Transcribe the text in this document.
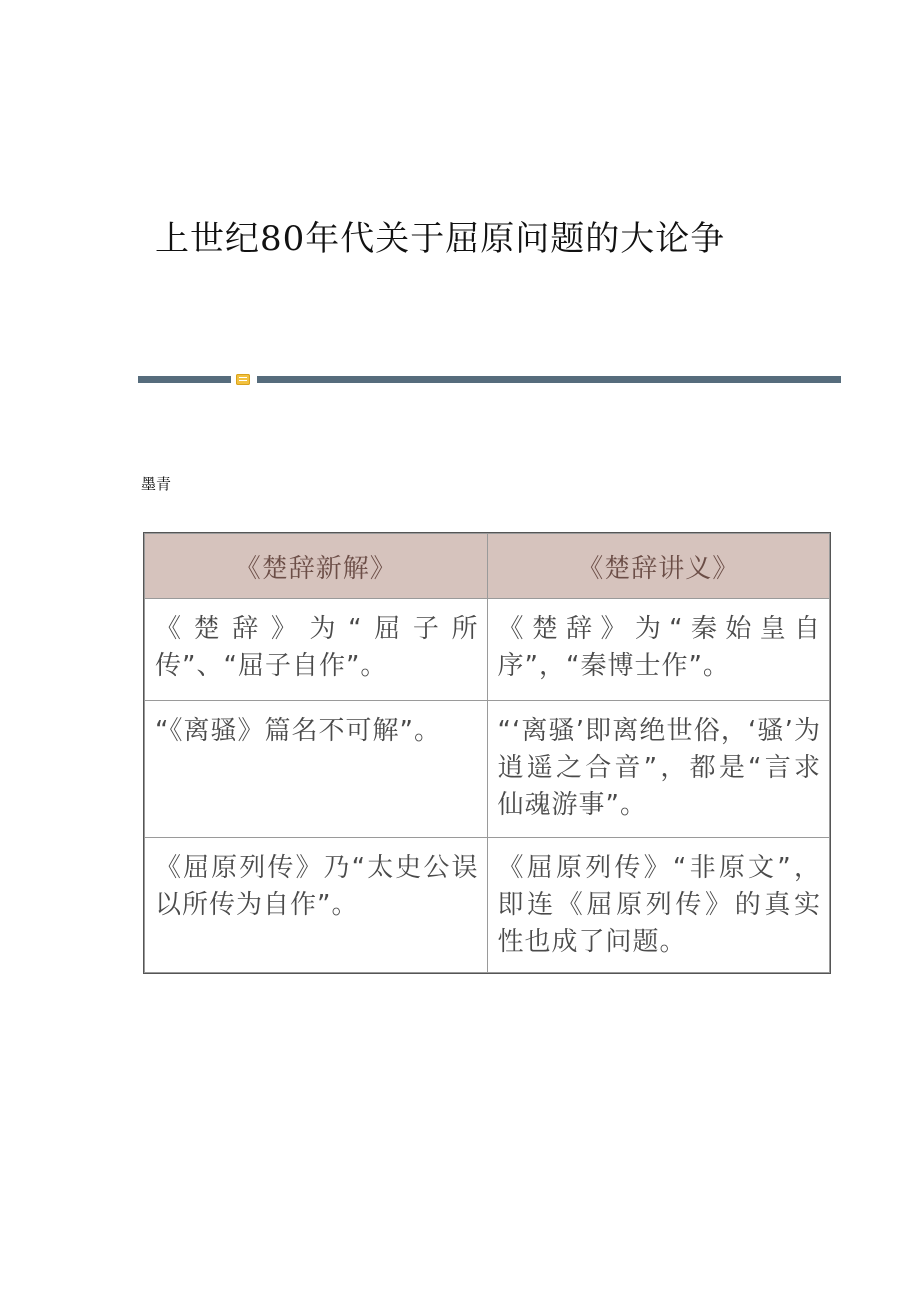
上世纪80年代关于屈原问题的大论争
墨青
《楚辞新解》	《楚辞讲义》

《楚辞》为“屈子所传”、“屈子自作”。	《楚辞》为“秦始皇自序”，“秦博士作”。

“《离骚》篇名不可解”。	“‘离骚’即离绝世俗，‘骚’为逍遥之合音”，都是“言求仙魂游事”。

《屈原列传》乃“太史公误以所传为自作”。	《屈原列传》“非原文”，即连《屈原列传》的真实性也成了问题。
